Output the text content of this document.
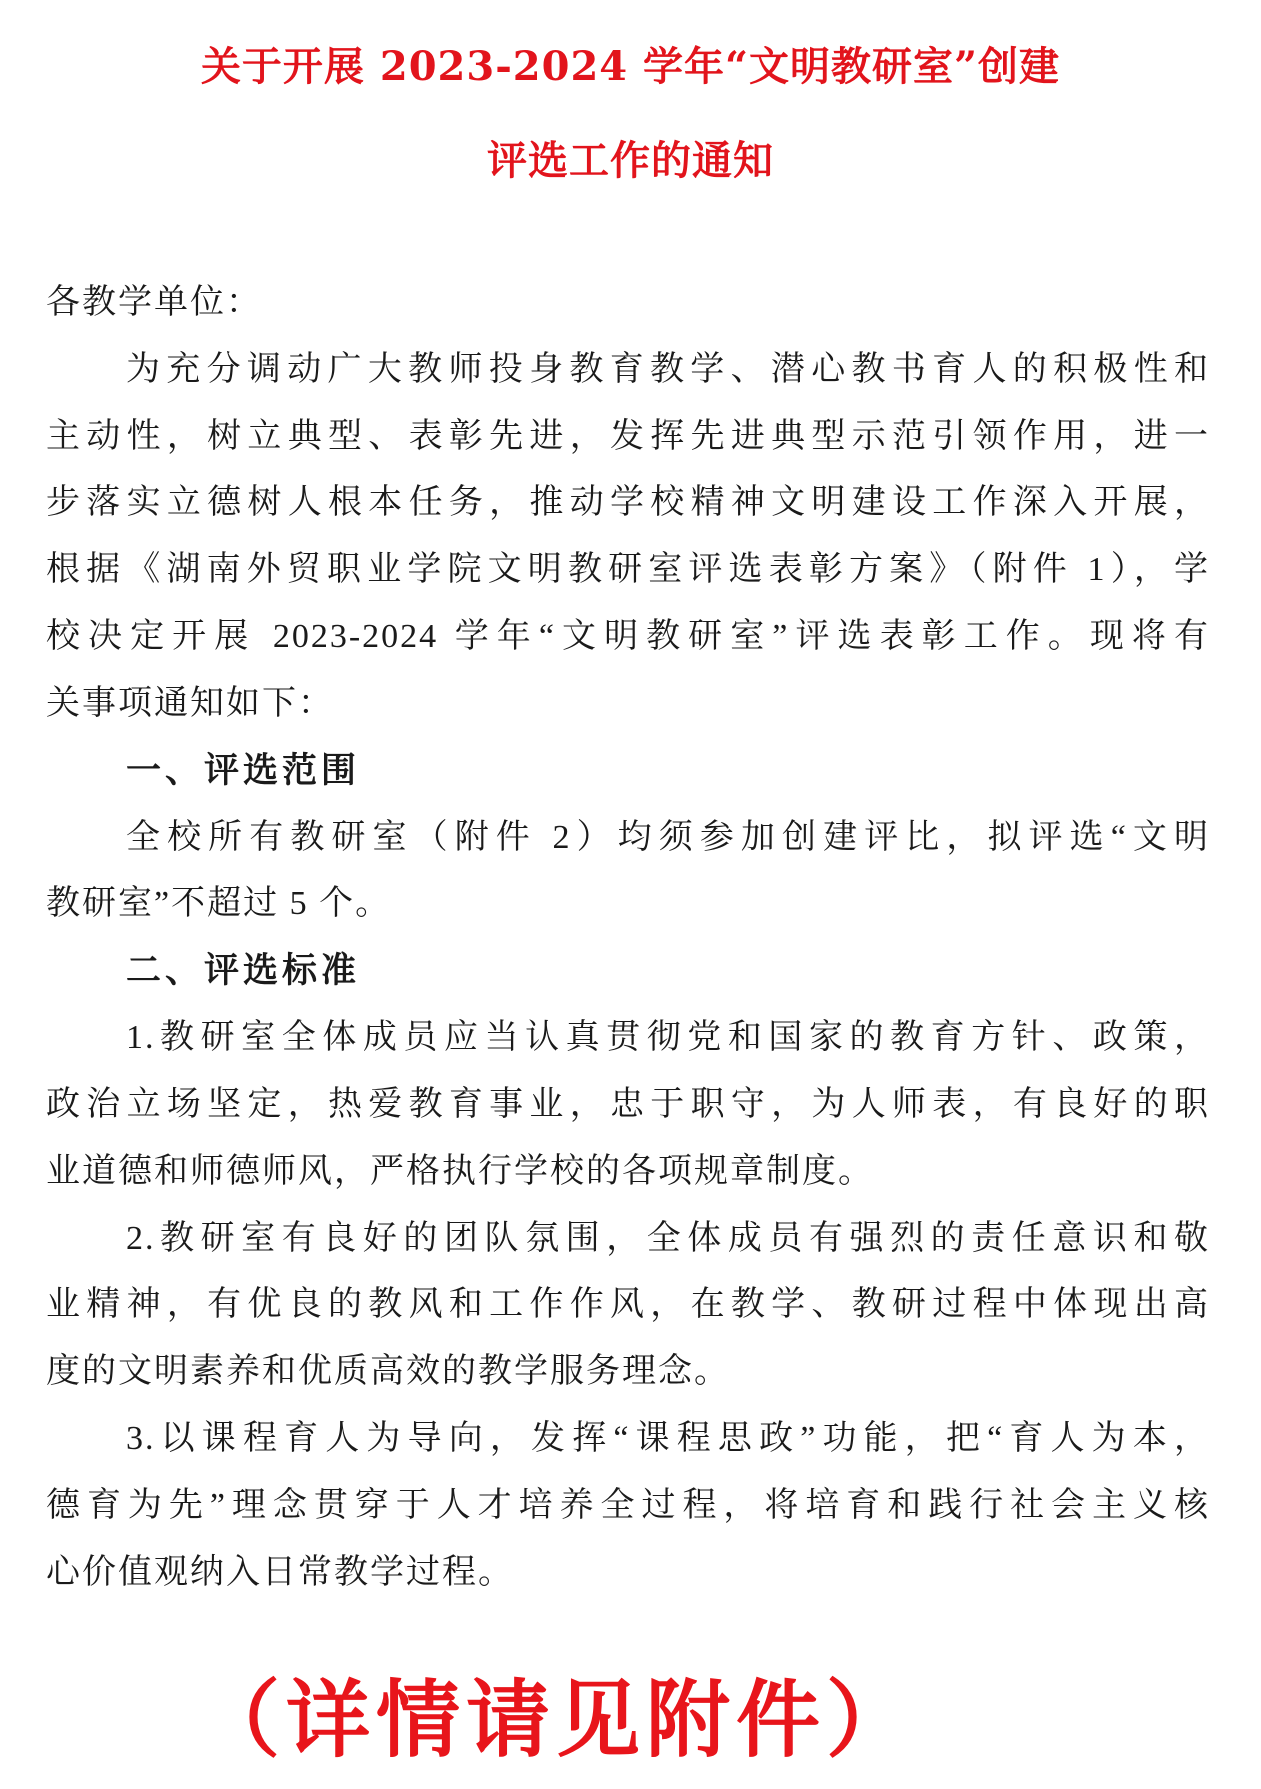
关于开展 2023-2024 学年“文明教研室”创建
评选工作的通知
各教学单位：
为充分调动广大教师投身教育教学、潜心教书育人的积极性和
主动性，树立典型、表彰先进，发挥先进典型示范引领作用，进一
步落实立德树人根本任务，推动学校精神文明建设工作深入开展，
根据《湖南外贸职业学院文明教研室评选表彰方案》（附件 1），学
校决定开展 2023-2024 学年“文明教研室”评选表彰工作。现将有
关事项通知如下：
一、评选范围
全校所有教研室（附件 2）均须参加创建评比，拟评选“文明
教研室”不超过 5 个。
二、评选标准
1.教研室全体成员应当认真贯彻党和国家的教育方针、政策，
政治立场坚定，热爱教育事业，忠于职守，为人师表，有良好的职
业道德和师德师风，严格执行学校的各项规章制度。
2.教研室有良好的团队氛围，全体成员有强烈的责任意识和敬
业精神，有优良的教风和工作作风，在教学、教研过程中体现出高
度的文明素养和优质高效的教学服务理念。
3.以课程育人为导向，发挥“课程思政”功能，把“育人为本，
德育为先”理念贯穿于人才培养全过程，将培育和践行社会主义核
心价值观纳入日常教学过程。
（详情请见附件）
